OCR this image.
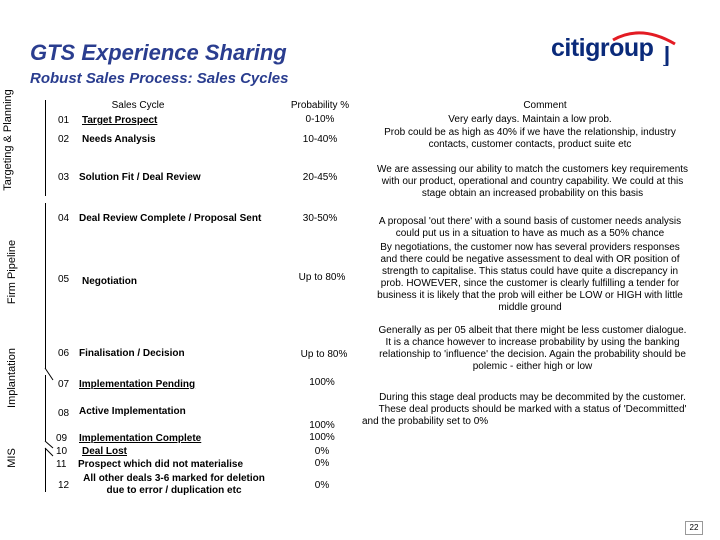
GTS Experience Sharing
Robust Sales Process: Sales Cycles
citigroup
Targeting & Planning
Firm Pipeline
Implantation
MIS
Sales Cycle	Probability %	Comment
01
02
03
04
05
06
07
08
09
10
11
12
Target Prospect
Needs Analysis
Solution Fit / Deal Review
Deal Review Complete / Proposal Sent
Negotiation
Finalisation / Decision
Implementation Pending
Active Implementation
Implementation Complete
Deal Lost
Prospect which did not materialise
All other deals 3-6 marked for deletion
due to error / duplication etc
0-10%
10-40%
20-45%
30-50%
Up to 80%
Up to 80%
100%
100%
100%
0%
0%
0%
Very early days. Maintain a low prob.
Prob could be as high as 40% if we have the relationship, industry
contacts, customer contacts, product suite etc
We are assessing our ability to match the customers key requirements
with our product, operational and country capability. We could at this
stage obtain an increased probability on this basis
A proposal 'out there' with a sound basis of customer needs analysis
could put us in a situation to have as much as a 50% chance
By negotiations, the customer now has several providers responses
and there could be negative assessment to deal with OR position of
strength to capitalise. This status could have quite a discrepancy in
prob. HOWEVER, since the customer is clearly fulfilling a tender for
business it is likely that the prob will either be LOW or HIGH with little
middle ground
Generally as per 05 albeit that there might be less customer dialogue.
It is a chance however to increase probability by using the banking
relationship to 'influence' the decision. Again the probability should be
polemic - either high or low
During this stage deal products may be decommited by the customer.
These deal products should be marked with a status of 'Decommitted'
and the probability set to 0%
22
